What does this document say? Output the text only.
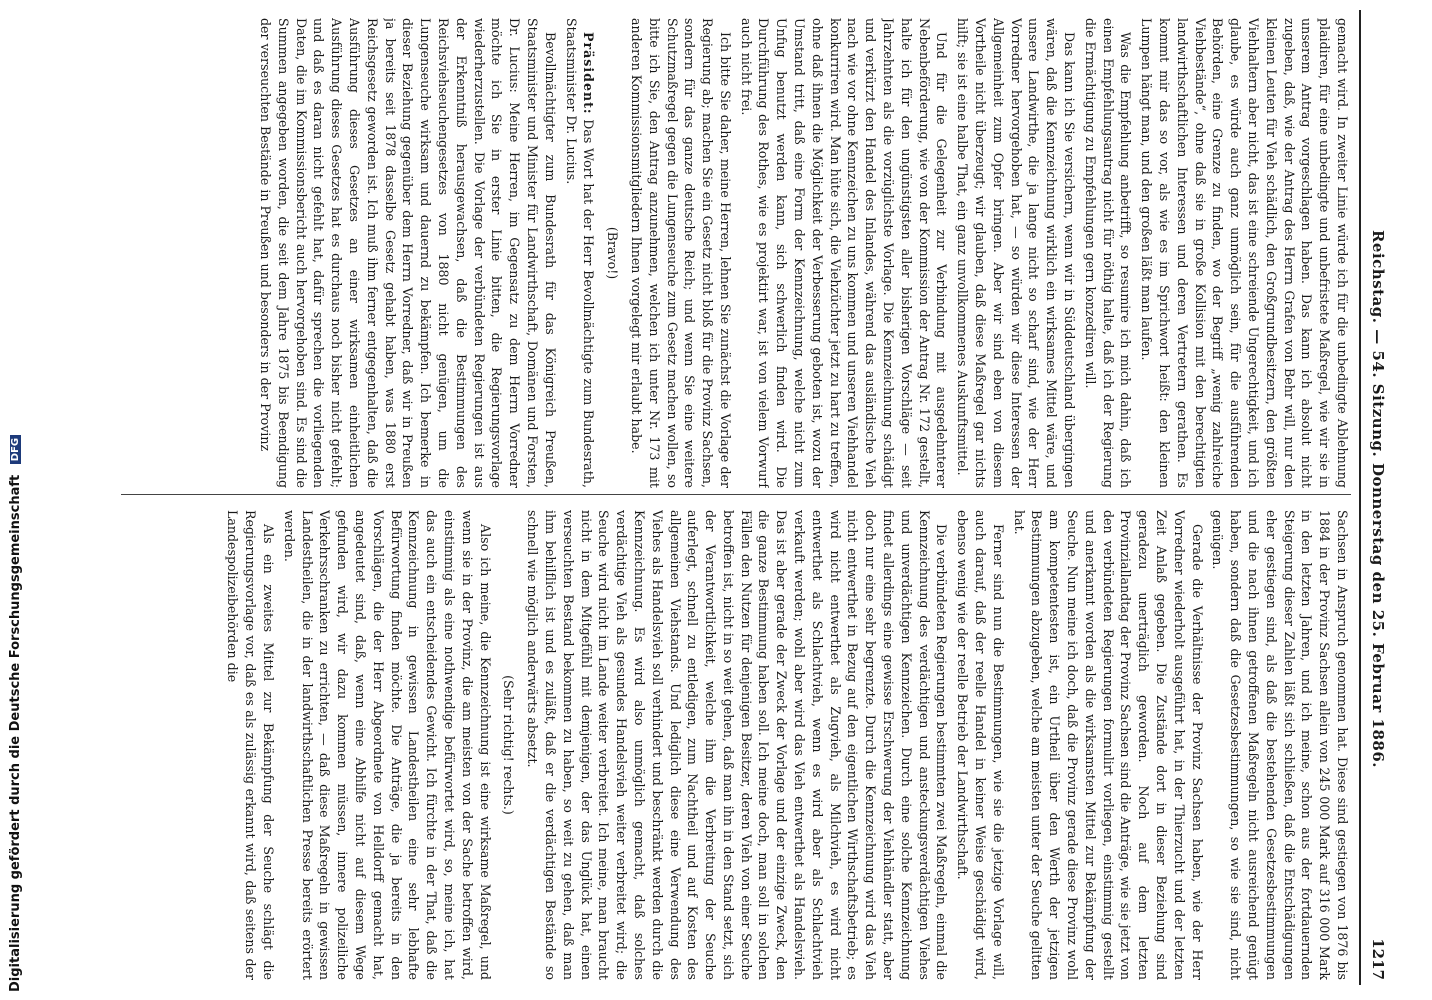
Digitalisierung gefördert durch die Deutsche Forschungsgemeinschaft DFG	Reichstag. — 54. Sitzung. Donnerstag den 25. Februar 1886.
1217

gemacht wird. In zweiter Linie würde ich für die unbedingte Ablehnung plaidiren, für eine unbedingte und unbefristete Maßregel, wie wir sie in unserem Antrag vorgeschlagen haben. Das kann ich absolut nicht zugeben, daß, wie der Antrag des Herrn Grafen von Behr will, nur den kleinen Leuten für Vieh schädlich, den Großgrundbesitzern, den größten Viehhaltern aber nicht, das ist eine schreiende Ungerechtigkeit, und ich glaube, es würde auch ganz unmöglich sein, für die ausführenden Behörden, eine Grenze zu finden, wo der Begriff „wenig zahlreiche Viehbestände“, ohne daß sie in große Kollision mit den berechtigten landwirthschaftlichen Interessen und deren Vertretern gerathen. Es kommt mir das so vor, als wie es im Sprichwort heißt: den kleinen Lumpen hängt man, und den großen läßt man laufen.

Was die Empfehlung anbetrifft, so resumire ich mich dahin, daß ich einen Empfehlungsantrag nicht für nöthig halte, daß ich der Regierung die Ermächtigung zu Empfehlungen gern konzediren will.

Das kann ich Sie versichern, wenn wir in Süddeutschland übergingen wären, daß die Kennzeichnung wirklich ein wirksames Mittel wäre, und unsere Landwirthe, die ja lange nicht so scharf sind, wie der Herr Vorredner hervorgehoben hat, — so würden wir diese Interessen der Allgemeinheit zum Opfer bringen. Aber wir sind eben von diesem Vortheile nicht überzeugt; wir glauben, daß diese Maßregel gar nichts hilft; sie ist eine halbe That, ein ganz unvollkommenes Auskunftsmittel.

Und für die Gelegenheit zur Verbindung mit ausgedehnterer Nebenbeförderung, wie von der Kommission der Antrag Nr. 172 gestellt, halte ich für den ungünstigsten aller bisherigen Vorschläge — seit Jahrzehnten als die vorzüglichste Vorlage. Die Kennzeichnung schädigt und verkürzt den Handel des Inlandes, während das ausländische Vieh nach wie vor ohne Kennzeichen zu uns kommen und unseren Viehhandel konkurriren wird. Man hüte sich, die Viehzüchter jetzt zu hart zu treffen, ohne daß ihnen die Möglichkeit der Verbesserung geboten ist, wozu der Umstand tritt, daß eine Form der Kennzeichnung, welche nicht zum Unfug benutzt werden kann, sich schwerlich finden wird. Die Durchführung des Rothes, wie es projektirt war, ist von vielem Vorwurf auch nicht frei.

Ich bitte Sie daher, meine Herren, lehnen Sie zunächst die Vorlage der Regierung ab; machen Sie ein Gesetz nicht bloß für die Provinz Sachsen, sondern für das ganze deutsche Reich; und wenn Sie eine weitere Schutzmaßregel gegen die Lungenseuche zum Gesetz machen wollen, so bitte ich Sie, den Antrag anzunehmen, welchen ich unter Nr. 173 mit anderen Kommissionsmitgliedern Ihnen vorgelegt mir erlaubt habe.

(Bravo!)

Präsident: Das Wort hat der Herr Bevollmächtigte zum Bundesrath, Staatsminister Dr. Lucius.

Bevollmächtigter zum Bundesrath für das Königreich Preußen, Staatsminister und Minister für Landwirthschaft, Domänen und Forsten, Dr. Lucius: Meine Herren, im Gegensatz zu dem Herrn Vorredner möchte ich Sie in erster Linie bitten, die Regierungsvorlage wiederherzustellen. Die Vorlage der verbündeten Regierungen ist aus der Erkenntniß herausgewachsen, daß die Bestimmungen des Reichsviehseuchengesetzes von 1880 nicht genügen, um die Lungenseuche wirksam und dauernd zu bekämpfen. Ich bemerke in dieser Beziehung gegenüber dem Herrn Vorredner, daß wir in Preußen ja bereits seit 1878 dasselbe Gesetz gehabt haben, was 1880 erst Reichsgesetz geworden ist. Ich muß ihm ferner entgegenhalten, daß die Ausführung dieses Gesetzes an einer wirksamen einheitlichen Ausführung dieses Gesetzes hat es durchaus noch bisher nicht gefehlt; und daß es daran nicht gefehlt hat, dafür sprechen die vorliegenden Daten, die im Kommissionsbericht auch hervorgehoben sind. Es sind die Summen angegeben worden, die seit dem Jahre 1875 bis Beendigung der verseuchten Bestände in Preußen und besonders in der Provinz

Sachsen in Anspruch genommen hat. Diese sind gestiegen von 1876 bis 1884 in der Provinz Sachsen allein von 245 000 Mark auf 316 000 Mark in den letzten Jahren, und ich meine, schon aus der fortdauernden Steigerung dieser Zahlen läßt sich schließen, daß die Entschädigungen eher gestiegen sind, als daß die bestehenden Gesetzesbestimmungen und die nach ihnen getroffenen Maßregeln nicht ausreichend genügt haben, sondern daß die Gesetzesbestimmungen, so wie sie sind, nicht genügen.

Gerade die Verhältnisse der Provinz Sachsen haben, wie der Herr Vorredner wiederholt ausgeführt hat, in der Thierzucht und der letzten Zeit Anlaß gegeben. Die Zustände dort in dieser Beziehung sind geradezu unerträglich geworden. Noch auf dem letzten Provinziallandtag der Provinz Sachsen sind die Anträge, wie sie jetzt von den verbündeten Regierungen formulirt vorliegen, einstimmig gestellt und anerkannt worden als die wirksamsten Mittel zur Bekämpfung der Seuche. Nun meine ich doch, daß die Provinz gerade diese Provinz wohl am kompetentesten ist, ein Urtheil über den Werth der jetzigen Bestimmungen abzugeben, welche am meisten unter der Seuche gelitten hat.

Ferner sind nun die Bestimmungen, wie sie die jetzige Vorlage will, auch darauf, daß der reelle Handel in keiner Weise geschädigt wird, ebenso wenig wie der reelle Betrieb der Landwirthschaft.

Die verbündeten Regierungen bestimmten zwei Maßregeln, einmal die Kennzeichnung des verdächtigen und ansteckungsverdächtigen Viehes und unverdächtigen Kennzeichen. Durch eine solche Kennzeichnung findet allerdings eine gewisse Erschwerung der Viehhändler statt, aber doch nur eine sehr begrenzte. Durch die Kennzeichnung wird das Vieh nicht entwerthet in Bezug auf den eigentlichen Wirthschaftsbetrieb; es wird nicht entwerthet als Zugvieh, als Milchvieh, es wird nicht entwerthet als Schlachtvieh, wenn es wird aber als Schlachtvieh verkauft werden; wohl aber wird das Vieh entwerthet als Handelsvieh. Das ist aber gerade der Zweck der Vorlage und der einzige Zweck, den die ganze Bestimmung haben soll. Ich meine doch, man soll in solchen Fällen den Nutzen für denjenigen Besitzer, deren Vieh von einer Seuche betroffen ist, nicht in so weit gehen, daß man ihn in den Stand setzt, sich der Verantwortlichkeit, welche ihm die Verbreitung der Seuche auferlegt, schnell zu entledigen, zum Nachtheil und auf Kosten des allgemeinen Viehstands. Und lediglich diese eine Verwendung des Viehes als Handelsvieh soll verhindert und beschränkt werden durch die Kennzeichnung. Es wird also unmöglich gemacht, daß solches verdächtige Vieh als gesundes Handelsvieh weiter verbreitet wird; die Seuche wird nicht im Lande weiter verbreitet. Ich meine, man braucht nicht in dem Mitgefühl mit demjenigen, der das Unglück hat, einen verseuchten Bestand bekommen zu haben, so weit zu gehen, daß man ihm behilflich ist und es zuläßt, daß er die verdächtigen Bestände so schnell wie möglich anderwärts absetzt.

(Sehr richtig! rechts.)

Also ich meine, die Kennzeichnung ist eine wirksame Maßregel, und wenn sie in der Provinz, die am meisten von der Sache betroffen wird, einstimmig als eine nothwendige befürwortet wird, so, meine ich, hat das auch ein entscheidendes Gewicht. Ich fürchte in der That, daß die Kennzeichnung in gewissen Landestheilen eine sehr lebhafte Befürwortung finden möchte. Die Anträge, die ja bereits in den Vorschlägen, die der Herr Abgeordnete von Helldorff gemacht hat, angedeutet sind, daß, wenn eine Abhilfe nicht auf diesem Wege gefunden wird, wir dazu kommen müssen, innere polizeiliche Verkehrsschranken zu errichten, — daß diese Maßregeln in gewissen Landestheilen, die in der landwirthschaftlichen Presse bereits erörtert werden.

Als ein zweites Mittel zur Bekämpfung der Seuche schlägt die Regierungsvorlage vor, daß es als zulässig erkannt wird, daß seitens der Landespolizeibehörden die
